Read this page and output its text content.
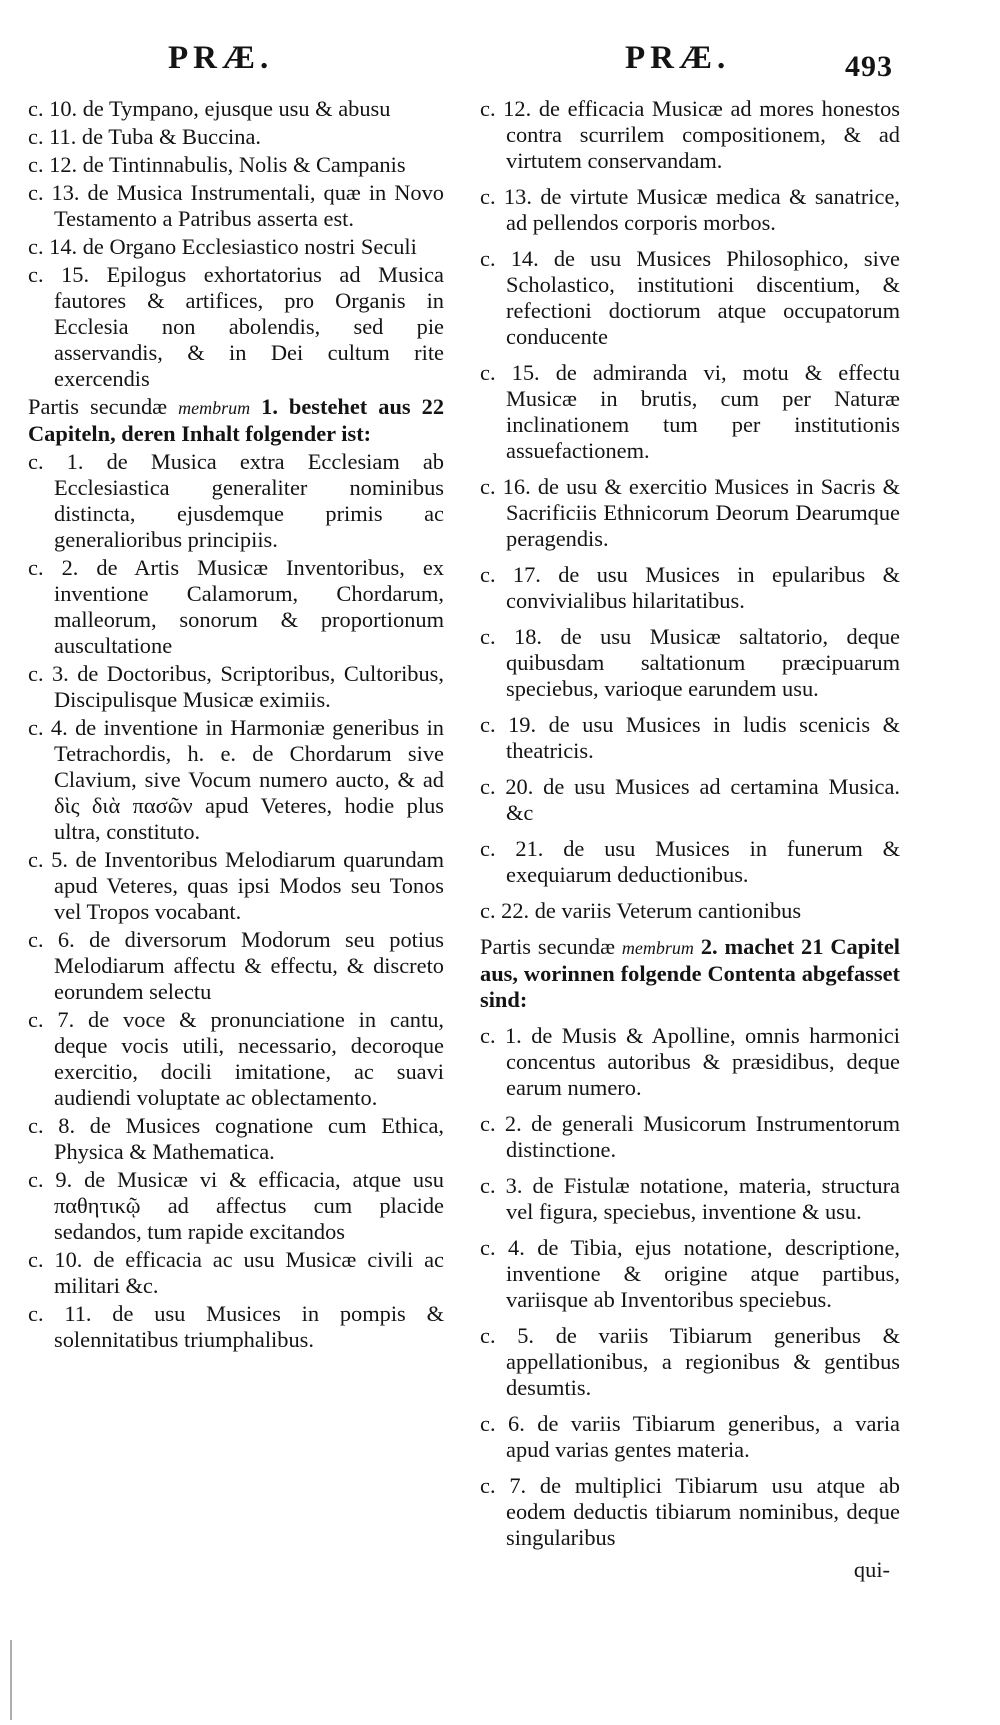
PRÆ.	PRÆ.	493
c. 10. de Tympano, ejusque usu & abusu
c. 11. de Tuba & Buccina.
c. 12. de Tintinnabulis, Nolis & Campanis
c. 13. de Musica Instrumentali, quæ in Novo Testamento a Patribus asserta est.
c. 14. de Organo Ecclesiastico nostri Seculi
c. 15. Epilogus exhortatorius ad Musica fautores & artifices, pro Organis in Ecclesia non abolendis, sed pie asservandis, & in Dei cultum rite exercendis
Partis secundæ membrum 1. bestehet aus 22 Capiteln, deren Inhalt folgender ist:
c. 1. de Musica extra Ecclesiam ab Ecclesiastica generaliter nominibus distincta, ejusdemque primis ac generalioribus principiis.
c. 2. de Artis Musicæ Inventoribus, ex inventione Calamorum, Chordarum, malleorum, sonorum & proportionum auscultatione
c. 3. de Doctoribus, Scriptoribus, Cultoribus, Discipulisque Musicæ eximiis.
c. 4. de inventione in Harmoniæ generibus in Tetrachordis, h. e. de Chordarum sive Clavium, sive Vocum numero aucto, & ad δὶς διὰ πασῶν apud Veteres, hodie plus ultra, constituto.
c. 5. de Inventoribus Melodiarum quarundam apud Veteres, quas ipsi Modos seu Tonos vel Tropos vocabant.
c. 6. de diversorum Modorum seu potius Melodiarum affectu & effectu, & discreto eorundem selectu
c. 7. de voce & pronunciatione in cantu, deque vocis utili, necessario, decoroque exercitio, docili imitatione, ac suavi audiendi voluptate ac oblectamento.
c. 8. de Musices cognatione cum Ethica, Physica & Mathematica.
c. 9. de Musicæ vi & efficacia, atque usu παθητικῷ ad affectus cum placide sedandos, tum rapide excitandos
c. 10. de efficacia ac usu Musicæ civili ac militari &c.
c. 11. de usu Musices in pompis & solennitatibus triumphalibus.
c. 12. de efficacia Musicæ ad mores honestos contra scurrilem compositionem, & ad virtutem conservandam.
c. 13. de virtute Musicæ medica & sanatrice, ad pellendos corporis morbos.
c. 14. de usu Musices Philosophico, sive Scholastico, institutioni discentium, & refectioni doctiorum atque occupatorum conducente
c. 15. de admiranda vi, motu & effectu Musicæ in brutis, cum per Naturæ inclinationem tum per institutionis assuefactionem.
c. 16. de usu & exercitio Musices in Sacris & Sacrificiis Ethnicorum Deorum Dearumque peragendis.
c. 17. de usu Musices in epularibus & convivialibus hilaritatibus.
c. 18. de usu Musicæ saltatorio, deque quibusdam saltationum præcipuarum speciebus, varioque earundem usu.
c. 19. de usu Musices in ludis scenicis & theatricis.
c. 20. de usu Musices ad certamina Musica. &c
c. 21. de usu Musices in funerum & exequiarum deductionibus.
c. 22. de variis Veterum cantionibus
Partis secundæ membrum 2. machet 21 Capitel aus, worinnen folgende Contenta abgefasset sind:
c. 1. de Musis & Apolline, omnis harmonici concentus autoribus & præsidibus, deque earum numero.
c. 2. de generali Musicorum Instrumentorum distinctione.
c. 3. de Fistulæ notatione, materia, structura vel figura, speciebus, inventione & usu.
c. 4. de Tibia, ejus notatione, descriptione, inventione & origine atque partibus, variisque ab Inventoribus speciebus.
c. 5. de variis Tibiarum generibus & appellationibus, a regionibus & gentibus desumtis.
c. 6. de variis Tibiarum generibus, a varia apud varias gentes materia.
c. 7. de multiplici Tibiarum usu atque ab eodem deductis tibiarum nominibus, deque singularibus
qui-
